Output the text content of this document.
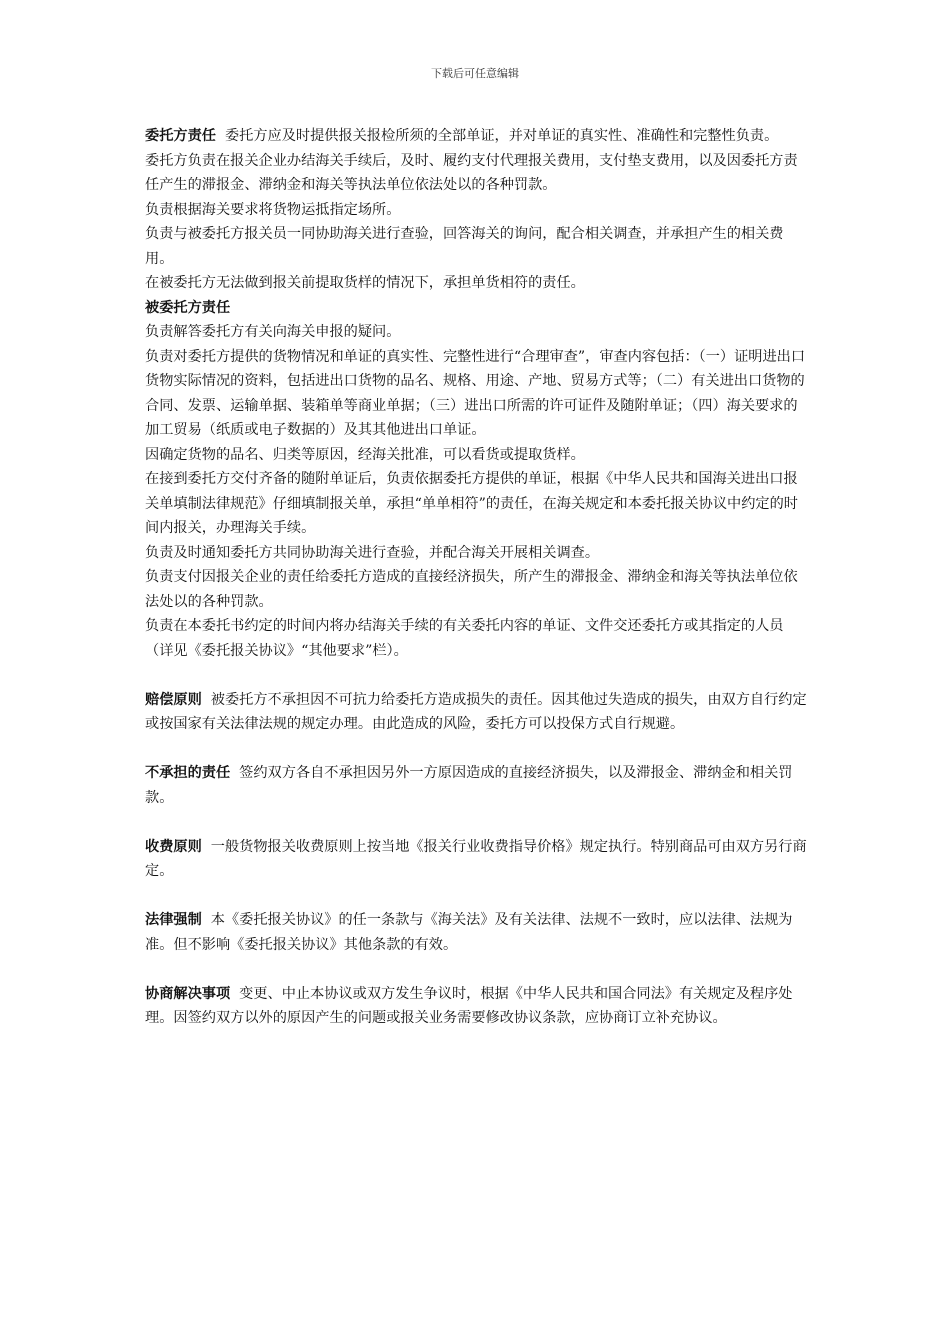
下载后可任意编辑

委托方责任 委托方应及时提供报关报检所须的全部单证，并对单证的真实性、准确性和完整性负责。

委托方负责在报关企业办结海关手续后，及时、履约支付代理报关费用，支付垫支费用，以及因委托方责任产生的滞报金、滞纳金和海关等执法单位依法处以的各种罚款。

负责根据海关要求将货物运抵指定场所。

负责与被委托方报关员一同协助海关进行查验，回答海关的询问，配合相关调查，并承担产生的相关费用。

在被委托方无法做到报关前提取货样的情况下，承担单货相符的责任。

被委托方责任

负责解答委托方有关向海关申报的疑问。

负责对委托方提供的货物情况和单证的真实性、完整性进行“合理审查”，审查内容包括：（一）证明进出口货物实际情况的资料，包括进出口货物的品名、规格、用途、产地、贸易方式等；（二）有关进出口货物的合同、发票、运输单据、装箱单等商业单据；（三）进出口所需的许可证件及随附单证；（四）海关要求的加工贸易（纸质或电子数据的）及其其他进出口单证。

因确定货物的品名、归类等原因，经海关批准，可以看货或提取货样。

在接到委托方交付齐备的随附单证后，负责依据委托方提供的单证，根据《中华人民共和国海关进出口报关单填制法律规范》仔细填制报关单，承担“单单相符”的责任，在海关规定和本委托报关协议中约定的时间内报关，办理海关手续。

负责及时通知委托方共同协助海关进行查验，并配合海关开展相关调查。

负责支付因报关企业的责任给委托方造成的直接经济损失，所产生的滞报金、滞纳金和海关等执法单位依法处以的各种罚款。

负责在本委托书约定的时间内将办结海关手续的有关委托内容的单证、文件交还委托方或其指定的人员（详见《委托报关协议》“其他要求”栏）。

赔偿原则 被委托方不承担因不可抗力给委托方造成损失的责任。因其他过失造成的损失，由双方自行约定或按国家有关法律法规的规定办理。由此造成的风险，委托方可以投保方式自行规避。

不承担的责任 签约双方各自不承担因另外一方原因造成的直接经济损失，以及滞报金、滞纳金和相关罚款。

收费原则 一般货物报关收费原则上按当地《报关行业收费指导价格》规定执行。特别商品可由双方另行商定。

法律强制 本《委托报关协议》的任一条款与《海关法》及有关法律、法规不一致时，应以法律、法规为准。但不影响《委托报关协议》其他条款的有效。

协商解决事项 变更、中止本协议或双方发生争议时，根据《中华人民共和国合同法》有关规定及程序处理。因签约双方以外的原因产生的问题或报关业务需要修改协议条款，应协商订立补充协议。
